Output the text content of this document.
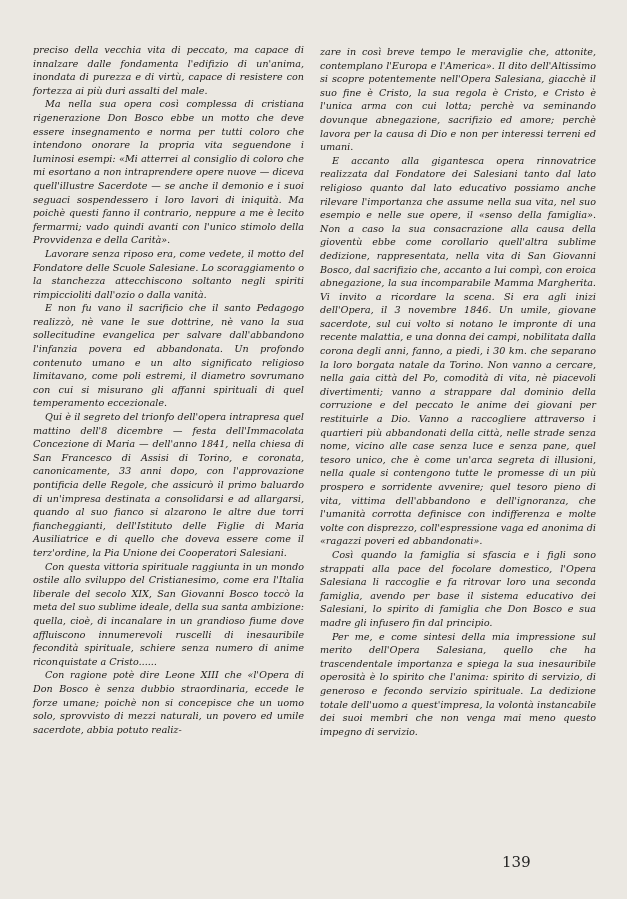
preciso della vecchia vita di peccato, ma capace di innalzare dalle fondamenta l'edifizio di un'anima, inondata di purezza e di virtù, capace di resistere con fortezza ai più duri assalti del male.

Ma nella sua opera così complessa di cristiana rigenerazione Don Bosco ebbe un motto che deve essere insegnamento e norma per tutti coloro che intendono onorare la propria vita seguendone i luminosi esempi: «Mi atterrei al consiglio di coloro che mi esortano a non intraprendere opere nuove — diceva quell'illustre Sacerdote — se anche il demonio e i suoi seguaci sospendessero i loro lavori di iniquità. Ma poichè questi fanno il contrario, neppure a me è lecito fermarmi; vado quindi avanti con l'unico stimolo della Provvidenza e della Carità».

Lavorare senza riposo era, come vedete, il motto del Fondatore delle Scuole Salesiane. Lo scoraggiamento o la stanchezza attecchiscono soltanto negli spiriti rimpiccioliti dall'ozio o dalla vanità.

E non fu vano il sacrificio che il santo Pedagogo realizzò, nè vane le sue dottrine, nè vano la sua sollecitudine evangelica per salvare dall'abbandono l'infanzia povera ed abbandonata. Un profondo contenuto umano e un alto significato religioso limitavano, come poli estremi, il diametro sovrumano con cui si misurano gli affanni spirituali di quel temperamento eccezionale.

Qui è il segreto del trionfo dell'opera intrapresa quel mattino dell'8 dicembre — festa dell'Immacolata Concezione di Maria — dell'anno 1841, nella chiesa di San Francesco di Assisi di Torino, e coronata, canonicamente, 33 anni dopo, con l'approvazione pontificia delle Regole, che assicurò il primo baluardo di un'impresa destinata a consolidarsi e ad allargarsi, quando al suo fianco si alzarono le altre due torri fiancheggianti, dell'Istituto delle Figlie di Maria Ausiliatrice e di quello che doveva essere come il terz'ordine, la Pia Unione dei Cooperatori Salesiani.

Con questa vittoria spirituale raggiunta in un mondo ostile allo sviluppo del Cristianesimo, come era l'Italia liberale del secolo XIX, San Giovanni Bosco toccò la meta del suo sublime ideale, della sua santa ambizione: quella, cioè, di incanalare in un grandioso fiume dove affluiscono innumerevoli ruscelli di inesauribile fecondità spirituale, schiere senza numero di anime riconquistate a Cristo......

Con ragione potè dire Leone XIII che «l'Opera di Don Bosco è senza dubbio straordinaria, eccede le forze umane; poichè non si concepisce che un uomo solo, sprovvisto di mezzi naturali, un povero ed umile sacerdote, abbia potuto realiz-

zare in così breve tempo le meraviglie che, attonite, contemplano l'Europa e l'America». Il dito dell'Altissimo si scopre potentemente nell'Opera Salesiana, giacchè il suo fine è Cristo, la sua regola è Cristo, e Cristo è l'unica arma con cui lotta; perchè va seminando dovunque abnegazione, sacrifizio ed amore; perchè lavora per la causa di Dio e non per interessi terreni ed umani.

E accanto alla gigantesca opera rinnovatrice realizzata dal Fondatore dei Salesiani tanto dal lato religioso quanto dal lato educativo possiamo anche rilevare l'importanza che assume nella sua vita, nel suo esempio e nelle sue opere, il «senso della famiglia». Non a caso la sua consacrazione alla causa della gioventù ebbe come corollario quell'altra sublime dedizione, rappresentata, nella vita di San Giovanni Bosco, dal sacrifizio che, accanto a lui compì, con eroica abnegazione, la sua incomparabile Mamma Margherita. Vi invito a ricordare la scena. Si era agli inizi dell'Opera, il 3 novembre 1846. Un umile, giovane sacerdote, sul cui volto si notano le impronte di una recente malattia, e una donna dei campi, nobilitata dalla corona degli anni, fanno, a piedi, i 30 km. che separano la loro borgata natale da Torino. Non vanno a cercare, nella gaia città del Po, comodità di vita, nè piacevoli divertimenti; vanno a strappare dal dominio della corruzione e del peccato le anime dei giovani per restituirle a Dio. Vanno a raccogliere attraverso i quartieri più abbandonati della città, nelle strade senza nome, vicino alle case senza luce e senza pane, quel tesoro unico, che è come un'arca segreta di illusioni, nella quale si contengono tutte le promesse di un più prospero e sorridente avvenire; quel tesoro pieno di vita, vittima dell'abbandono e dell'ignoranza, che l'umanità corrotta definisce con indifferenza e molte volte con disprezzo, coll'espressione vaga ed anonima di «ragazzi poveri ed abbandonati».

Così quando la famiglia si sfascia e i figli sono strappati alla pace del focolare domestico, l'Opera Salesiana li raccoglie e fa ritrovar loro una seconda famiglia, avendo per base il sistema educativo dei Salesiani, lo spirito di famiglia che Don Bosco e sua madre gli infusero fin dal principio.

Per me, e come sintesi della mia impressione sul merito dell'Opera Salesiana, quello che ha trascendentale importanza e spiega la sua inesauribile operosità è lo spirito che l'anima: spirito di servizio, di generoso e fecondo servizio spirituale. La dedizione totale dell'uomo a quest'impresa, la volontà instancabile dei suoi membri che non venga mai meno questo impegno di servizio.

139
